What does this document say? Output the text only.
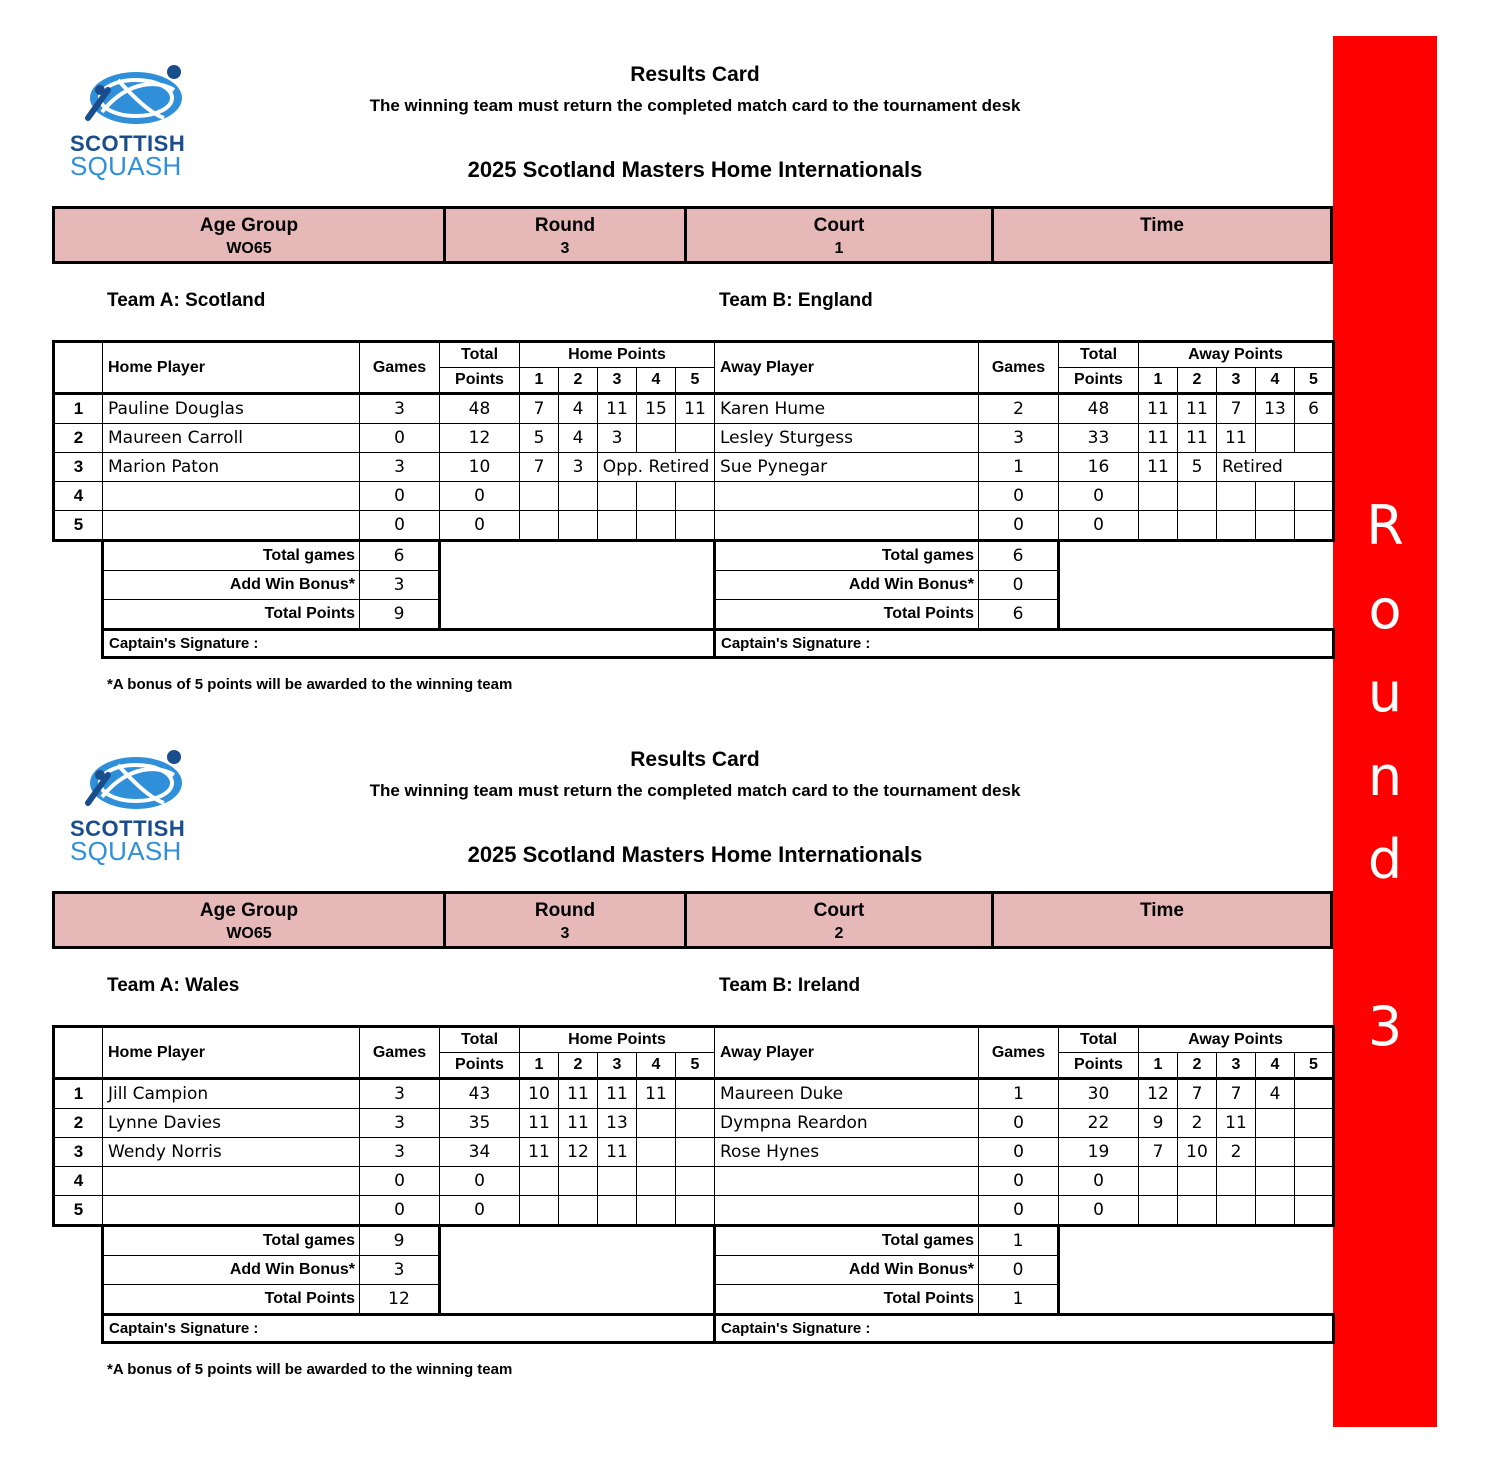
R
o
u
n
d
3
SCOTTISH
SQUASH
Results Card
The winning team must return the completed match card to the tournament desk
2025 Scotland Masters Home Internationals
Age Group
WO65

Round
3

Court
1

Time
Team A: Scotland	Team B: England
	Home Player	Games	Total	Home Points					Away Player	Games	Total	Away Points				
			Points	1	2	3	4	5			Points	1	2	3	4	5
1	Pauline Douglas	3	48	7	4	11	15	11	Karen Hume	2	48	11	11	7	13	6
2	Maureen Carroll	0	12	5	4	3			Lesley Sturgess	3	33	11	11	11		
3	Marion Paton	3	10	7	3	Opp. Retired			Sue Pynegar	1	16	11	5	Retired		
4		0	0							0	0					
5		0	0							0	0					
	Total games	6							Total games	6						
	Add Win Bonus*	3							Add Win Bonus*	0						
	Total Points	9							Total Points	6						
	Captain's Signature :								Captain's Signature :							
*A bonus of 5 points will be awarded to the winning team
SCOTTISH
SQUASH
Results Card
The winning team must return the completed match card to the tournament desk
2025 Scotland Masters Home Internationals
Age Group
WO65

Round
3

Court
2

Time
Team A: Wales	Team B: Ireland
	Home Player	Games	Total	Home Points					Away Player	Games	Total	Away Points				
			Points	1	2	3	4	5			Points	1	2	3	4	5
1	Jill Campion	3	43	10	11	11	11		Maureen Duke	1	30	12	7	7	4	
2	Lynne Davies	3	35	11	11	13			Dympna Reardon	0	22	9	2	11		
3	Wendy Norris	3	34	11	12	11			Rose Hynes	0	19	7	10	2		
4		0	0							0	0					
5		0	0							0	0					
	Total games	9							Total games	1						
	Add Win Bonus*	3							Add Win Bonus*	0						
	Total Points	12							Total Points	1						
	Captain's Signature :								Captain's Signature :							
*A bonus of 5 points will be awarded to the winning team
